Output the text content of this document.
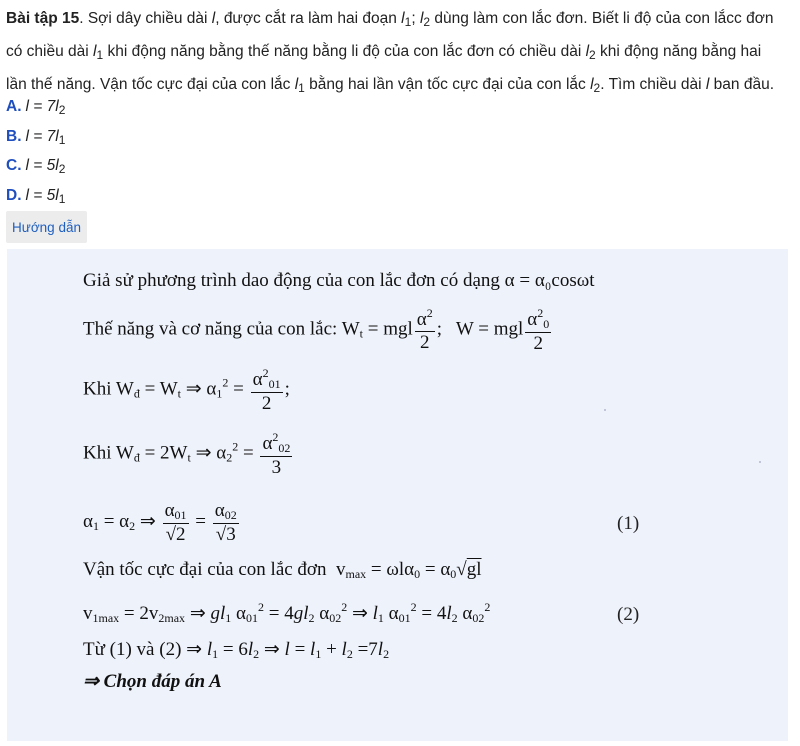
Bài tập 15. Sợi dây chiều dài l, được cắt ra làm hai đoạn $l_1$; $l_2$ dùng làm con lắc đơn. Biết li độ của con lắcc đơn có chiều dài $l_1$ khi động năng bằng thế năng bằng li độ của con lắc đơn có chiều dài $l_2$ khi động năng bằng hai lần thế năng. Vận tốc cực đại của con lắc $l_1$ bằng hai lần vận tốc cực đại của con lắc $l_2$. Tìm chiều dài l ban đầu.
A. $l = 7l_2$
B. $l = 7l_1$
C. $l = 5l_2$
D. $l = 5l_1$
Hướng dẫn
Giả sử phương trình dao động của con lắc đơn có dạng α = α₀cosωt
Thế năng và cơ năng của con lắc: $W_t$ = mgl $\frac{\alpha^2}{2}$ ;   W = mgl $\frac{\alpha^2_0}{2}$
Khi $W_đ = W_t$ ⇒ $\alpha_1^2 = \frac{\alpha^2_{01}}{2}$ ;
Khi $W_đ = 2W_t$ ⇒ $\alpha_2^2 = \frac{\alpha^2_{02}}{3}$
$\alpha_1 = \alpha_2$ ⇒ $\frac{\alpha_{01}}{√2} = \frac{\alpha_{02}}{√3}$	(1)
Vận tốc cực đại của con lắc đơn  $v_{max} = \omega l\alpha_0 = \alpha_0√gl$
$v_{1max} = 2v_{2max}$ ⇒ $gl_1$ $\alpha_{01}^2 = 4gl_2$ $\alpha_{02}^2$ ⇒ $l_1$ $\alpha_{01}^2 = 4l_2$ $\alpha_{02}^2$	(2)
Từ (1) và (2) ⇒ $l_1 = 6l_2$ ⇒ $l = l_1 + l_2 =7l_2$
⇒ Chọn đáp án A
